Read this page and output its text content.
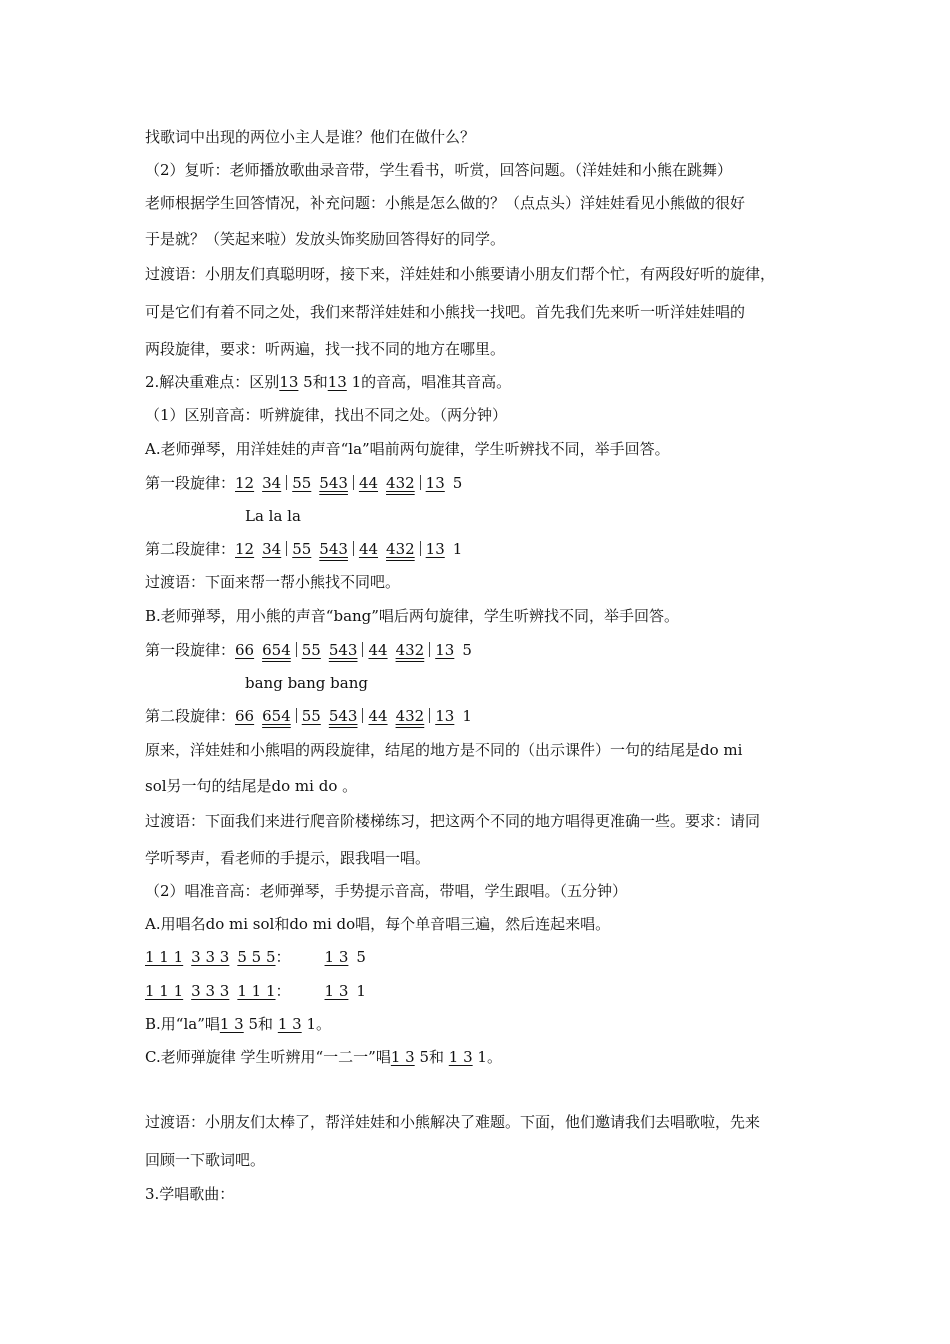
找歌词中出现的两位小主人是谁？他们在做什么？
（2）复听：老师播放歌曲录音带，学生看书，听赏，回答问题。（洋娃娃和小熊在跳舞）
老师根据学生回答情况，补充问题：小熊是怎么做的？（点点头）洋娃娃看见小熊做的很好
于是就？（笑起来啦）发放头饰奖励回答得好的同学。
过渡语：小朋友们真聪明呀，接下来，洋娃娃和小熊要请小朋友们帮个忙，有两段好听的旋律，
可是它们有着不同之处，我们来帮洋娃娃和小熊找一找吧。首先我们先来听一听洋娃娃唱的
两段旋律，要求：听两遍，找一找不同的地方在哪里。
2.解决重难点：区别13 5和13 1的音高，唱准其音高。
（1）区别音高：听辨旋律，找出不同之处。（两分钟）
A.老师弹琴，用洋娃娃的声音“la”唱前两句旋律，学生听辨找不同，举手回答。
第一段旋律：12 34 55 543 44 432 13 5
La la la
第二段旋律：12 34 55 543 44 432 13 1
过渡语：下面来帮一帮小熊找不同吧。
B.老师弹琴，用小熊的声音“bang”唱后两句旋律，学生听辨找不同，举手回答。
第一段旋律：66 654 55 543 44 432 13 5
bang bang bang
第二段旋律：66 654 55 543 44 432 13 1
原来，洋娃娃和小熊唱的两段旋律，结尾的地方是不同的（出示课件）一句的结尾是do mi
sol另一句的结尾是do mi do 。
过渡语：下面我们来进行爬音阶楼梯练习，把这两个不同的地方唱得更准确一些。要求：请同
学听琴声，看老师的手提示，跟我唱一唱。
（2）唱准音高：老师弹琴，手势提示音高，带唱，学生跟唱。（五分钟）
A.用唱名do mi sol和do mi do唱，每个单音唱三遍，然后连起来唱。
1 1 1 3 3 3 5 5 5： 1 3 5
1 1 1 3 3 3 1 1 1： 1 3 1
B.用“la”唱1 3 5和 1 3 1。
C.老师弹旋律 学生听辨用“一二一”唱1 3 5和 1 3 1。
过渡语：小朋友们太棒了，帮洋娃娃和小熊解决了难题。下面，他们邀请我们去唱歌啦，先来
回顾一下歌词吧。
3.学唱歌曲：
